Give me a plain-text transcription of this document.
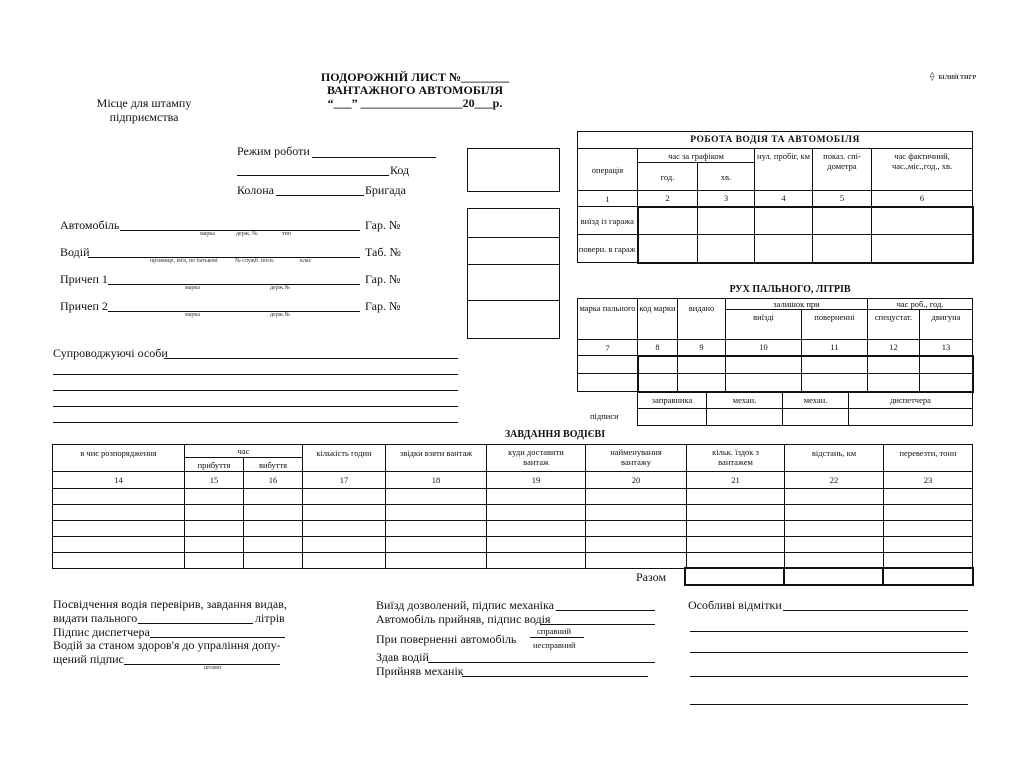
⟠ БІЛИЙ ТИГР
ПОДОРОЖНІЙ ЛИСТ №________
ВАНТАЖНОГО АВТОМОБІЛЯ
“___” _________________20___р.
Місце для штампу
підприємства
Режим роботи
Код
Колона	Бригада
Автомобіль
марка	держ. №	тип
Гар. №
Водій
прізвище, ім'я, по батькові	№ служб. посв.	клас
Таб. №
Причеп 1
марка	держ.№
Гар. №
Причеп 2
марка	держ.№
Гар. №
Супроводжуючі особи
РОБОТА ВОДІЯ ТА АВТОМОБІЛЯ					
операція	час за графіком		нул. пробіг, км	показ. спі- дометра	час фактичний, час.,міс.,год., хв.
	год.	хв.			
1	2	3	4	5	6
виїзд із гаража					
поверн. в гараж					
РУХ ПАЛЬНОГО, ЛІТРІВ
марка пального	код марки	видано	залишок при		час роб., год.	
			виїзді	поверненні	спецустат.	двигуна
7	8	9	10	11	12	13

заправника	механ.	механ.	диспетчера

підписи
ЗАВДАННЯ ВОДІЄВІ
в чиє розпорядження	час		кількість годин	звідки взяти вантаж	куди доставити вантаж	найменування вантажу	кільк. їздок з вантажем	відстань, км	перевезти, тонн
	прибуття	вибуття							
14	15	16	17	18	19	20	21	22	23

Разом

Посвідчення водія перевірив, завдання видав,
видати пального	літрів
Підпис диспетчера
Водій за станом здоров'я до упраління допу-
щений підпис
штамп
Виїзд дозволений, підпис механіка
Автомобіль прийняв, підпис водія
При поверненні автомобіль
справний
несправний
Здав водій
Прийняв механік
Особливі відмітки
